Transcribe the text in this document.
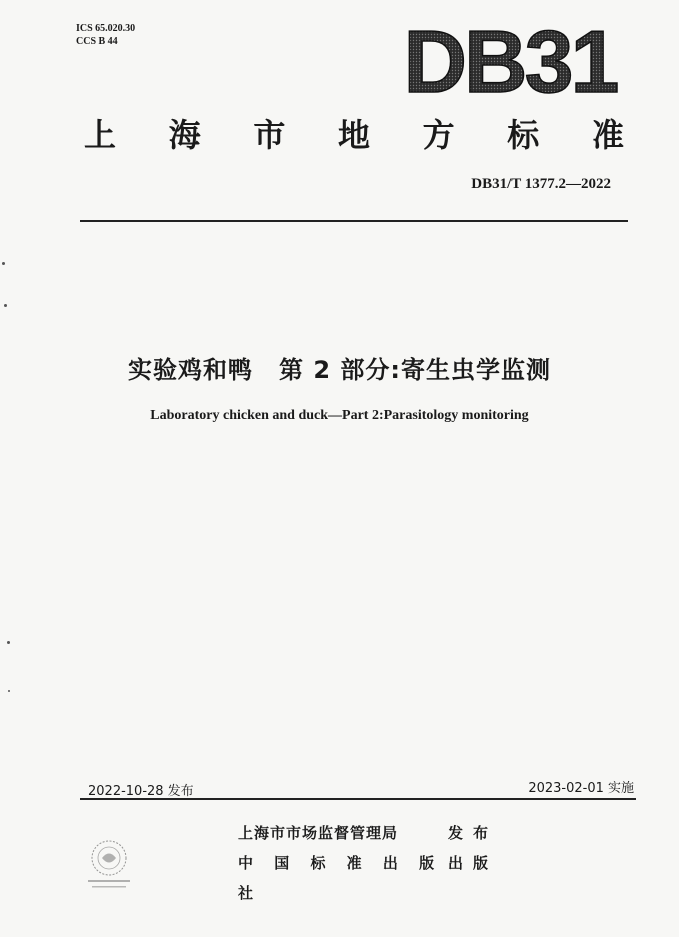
ICS 65.020.30
CCS B 44	DB31
上 海 市 地 方 标 准
DB31/T 1377.2—2022
实验鸡和鸭 第 2 部分:寄生虫学监测
Laboratory chicken and duck—Part 2:Parasitology monitoring
2022-10-28 发布	2023-02-01 实施
上海市市场监督管理局	发布
中 国 标 准 出 版 社
出版
